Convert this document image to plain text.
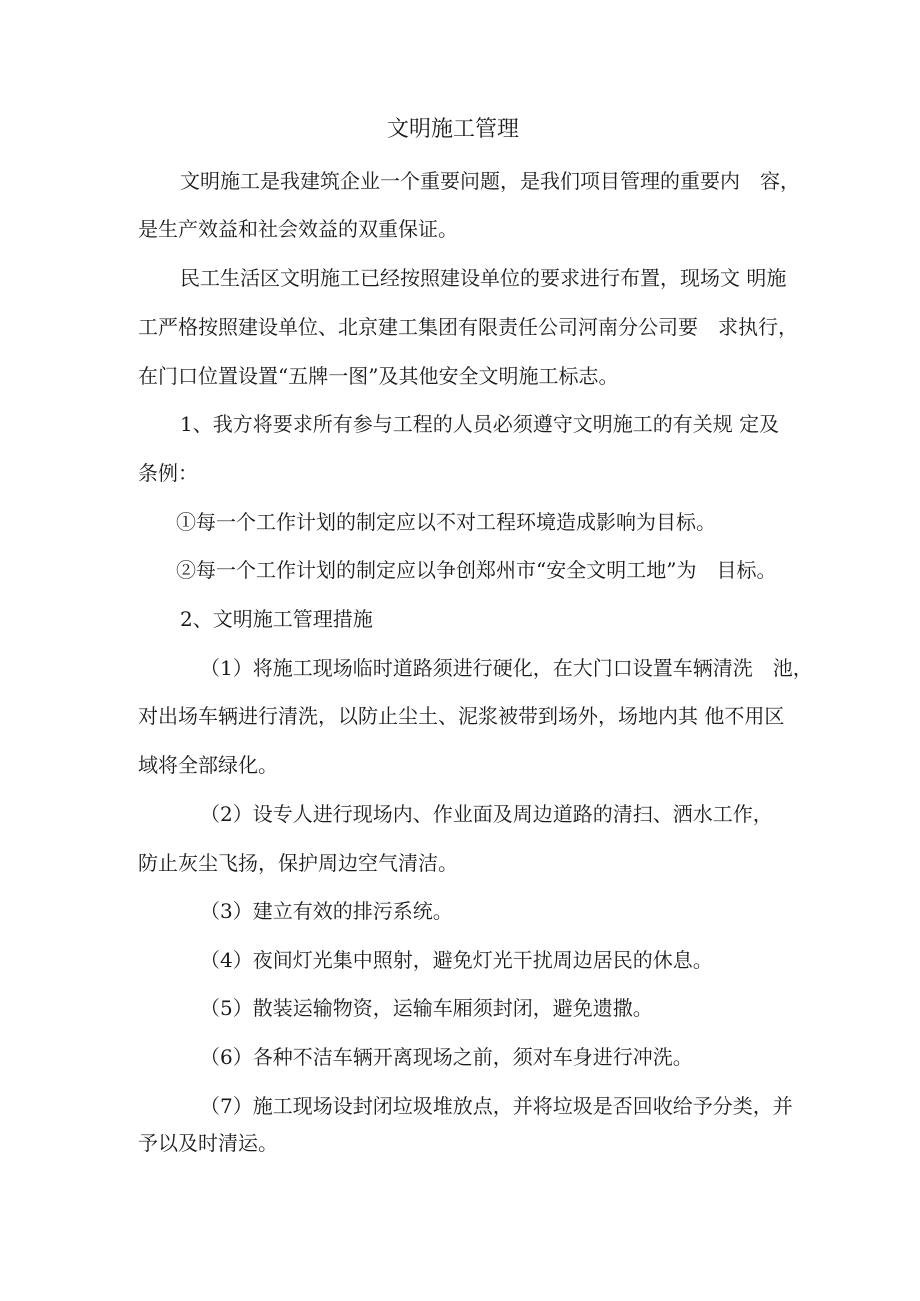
文明施工管理
文明施工是我建筑企业一个重要问题，是我们项目管理的重要内　容，
是生产效益和社会效益的双重保证。
民工生活区文明施工已经按照建设单位的要求进行布置，现场文 明施
工严格按照建设单位、北京建工集团有限责任公司河南分公司要　求执行，
在门口位置设置“五牌一图”及其他安全文明施工标志。
1、我方将要求所有参与工程的人员必须遵守文明施工的有关规 定及
条例：
①每一个工作计划的制定应以不对工程环境造成影响为目标。
②每一个工作计划的制定应以争创郑州市“安全文明工地”为　目标。
2、文明施工管理措施
（1）将施工现场临时道路须进行硬化，在大门口设置车辆清洗　池，
对出场车辆进行清洗，以防止尘土、泥浆被带到场外，场地内其 他不用区
域将全部绿化。
（2）设专人进行现场内、作业面及周边道路的清扫、洒水工作，
防止灰尘飞扬，保护周边空气清洁。
（3）建立有效的排污系统。
（4）夜间灯光集中照射，避免灯光干扰周边居民的休息。
（5）散装运输物资，运输车厢须封闭，避免遗撒。
（6）各种不洁车辆开离现场之前，须对车身进行冲洗。
（7）施工现场设封闭垃圾堆放点，并将垃圾是否回收给予分类，并
予以及时清运。
